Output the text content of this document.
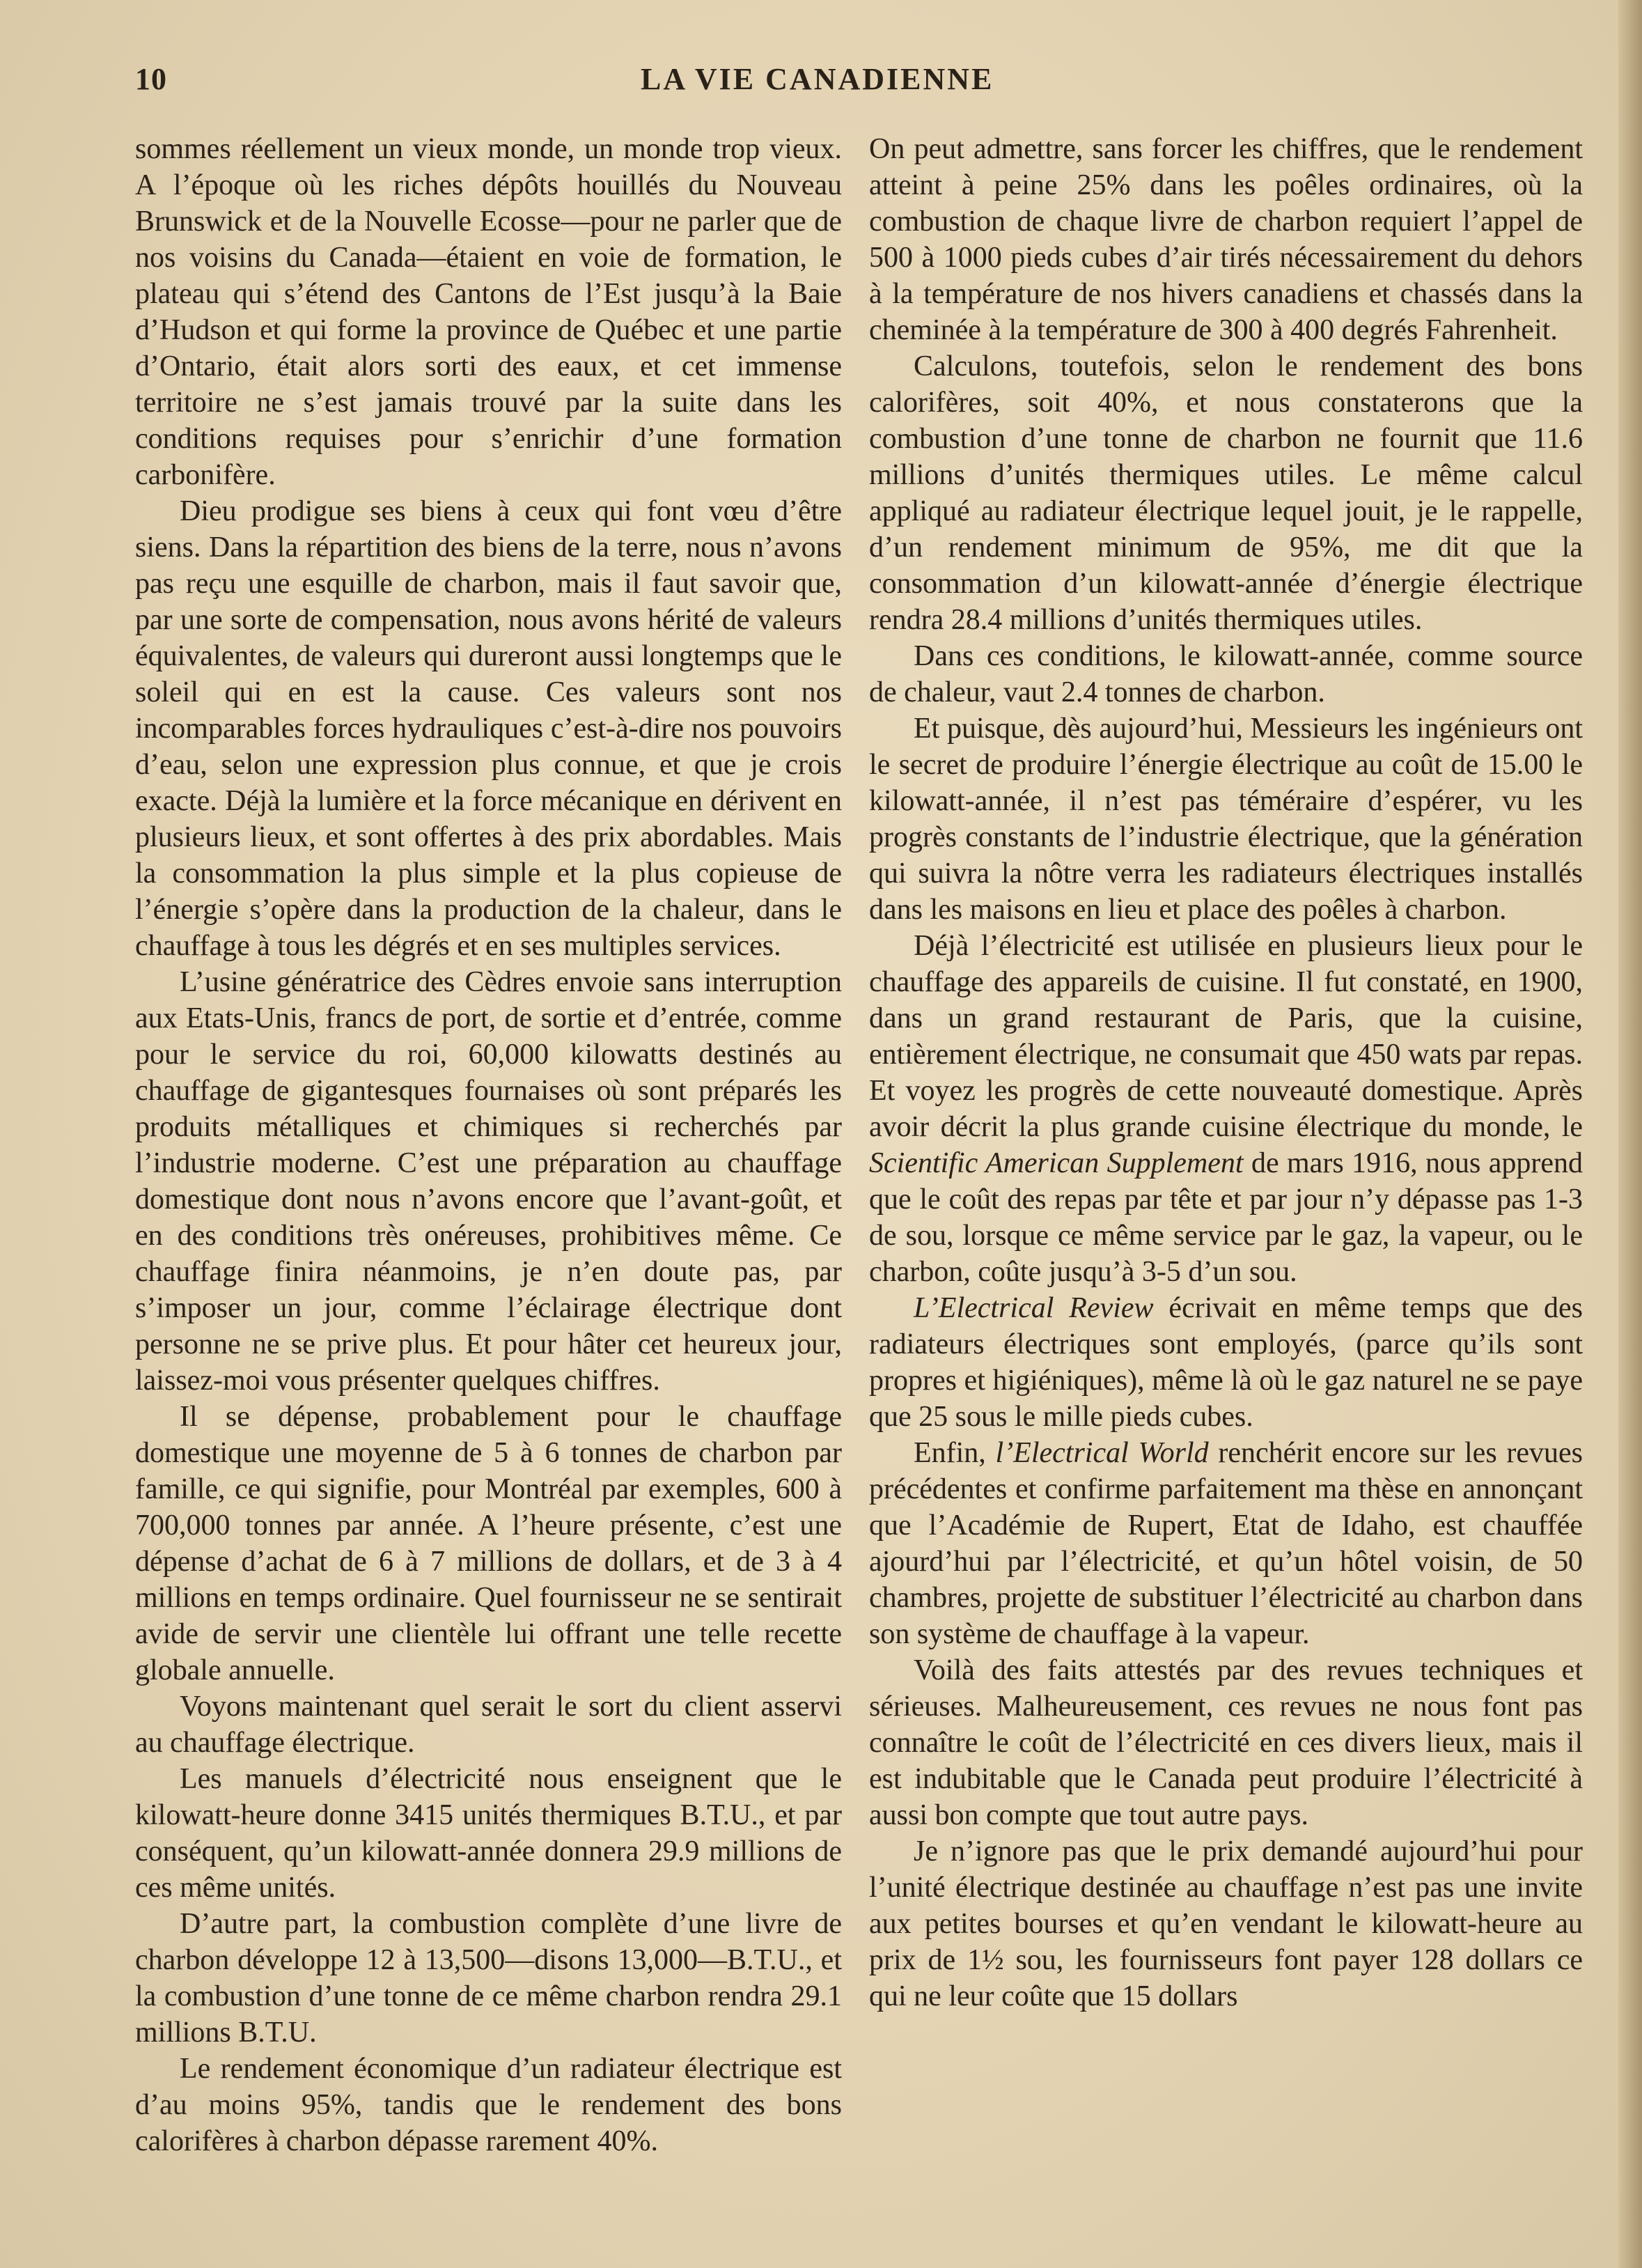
10	LA VIE CANADIENNE

sommes réellement un vieux monde, un monde trop vieux. A l’époque où les riches dépôts houillés du Nouveau Brunswick et de la Nouvelle Ecosse—pour ne parler que de nos voisins du Canada—étaient en voie de formation, le plateau qui s’étend des Cantons de l’Est jusqu’à la Baie d’Hudson et qui forme la province de Québec et une partie d’Ontario, était alors sorti des eaux, et cet immense territoire ne s’est jamais trouvé par la suite dans les conditions requises pour s’enrichir d’une formation carbonifère.

Dieu prodigue ses biens à ceux qui font vœu d’être siens. Dans la répartition des biens de la terre, nous n’avons pas reçu une esquille de charbon, mais il faut savoir que, par une sorte de compensation, nous avons hérité de valeurs équivalentes, de valeurs qui dureront aussi longtemps que le soleil qui en est la cause. Ces valeurs sont nos incomparables forces hydrauliques c’est-à-dire nos pouvoirs d’eau, selon une expression plus connue, et que je crois exacte. Déjà la lumière et la force mécanique en dérivent en plusieurs lieux, et sont offertes à des prix abordables. Mais la consommation la plus simple et la plus copieuse de l’énergie s’opère dans la production de la chaleur, dans le chauffage à tous les dégrés et en ses multiples services.

L’usine génératrice des Cèdres envoie sans interruption aux Etats-Unis, francs de port, de sortie et d’entrée, comme pour le service du roi, 60,000 kilowatts destinés au chauffage de gigantesques fournaises où sont préparés les produits métalliques et chimiques si recherchés par l’industrie moderne. C’est une préparation au chauffage domestique dont nous n’avons encore que l’avant-goût, et en des conditions très onéreuses, prohibitives même. Ce chauffage finira néanmoins, je n’en doute pas, par s’imposer un jour, comme l’éclairage électrique dont personne ne se prive plus. Et pour hâter cet heureux jour, laissez-moi vous présenter quelques chiffres.

Il se dépense, probablement pour le chauffage domestique une moyenne de 5 à 6 tonnes de charbon par famille, ce qui signifie, pour Montréal par exemples, 600 à 700,000 tonnes par année. A l’heure présente, c’est une dépense d’achat de 6 à 7 millions de dollars, et de 3 à 4 millions en temps ordinaire. Quel fournisseur ne se sentirait avide de servir une clientèle lui offrant une telle recette globale annuelle.

Voyons maintenant quel serait le sort du client asservi au chauffage électrique.

Les manuels d’électricité nous enseignent que le kilowatt-heure donne 3415 unités thermiques B.T.U., et par conséquent, qu’un kilowatt-année donnera 29.9 millions de ces même unités.

D’autre part, la combustion complète d’une livre de charbon développe 12 à 13,500—disons 13,000—B.T.U., et la combustion d’une tonne de ce même charbon rendra 29.1 millions B.T.U.

Le rendement économique d’un radiateur électrique est d’au moins 95%, tandis que le rendement des bons calorifères à charbon dépasse rarement 40%.

On peut admettre, sans forcer les chiffres, que le rendement atteint à peine 25% dans les poêles ordinaires, où la combustion de chaque livre de charbon requiert l’appel de 500 à 1000 pieds cubes d’air tirés nécessairement du dehors à la température de nos hivers canadiens et chassés dans la cheminée à la température de 300 à 400 degrés Fahrenheit.

Calculons, toutefois, selon le rendement des bons calorifères, soit 40%, et nous constaterons que la combustion d’une tonne de charbon ne fournit que 11.6 millions d’unités thermiques utiles. Le même calcul appliqué au radiateur électrique lequel jouit, je le rappelle, d’un rendement minimum de 95%, me dit que la consommation d’un kilowatt-année d’énergie électrique rendra 28.4 millions d’unités thermiques utiles.

Dans ces conditions, le kilowatt-année, comme source de chaleur, vaut 2.4 tonnes de charbon.

Et puisque, dès aujourd’hui, Messieurs les ingénieurs ont le secret de produire l’énergie électrique au coût de 15.00 le kilowatt-année, il n’est pas téméraire d’espérer, vu les progrès constants de l’industrie électrique, que la génération qui suivra la nôtre verra les radiateurs électriques installés dans les maisons en lieu et place des poêles à charbon.

Déjà l’électricité est utilisée en plusieurs lieux pour le chauffage des appareils de cuisine. Il fut constaté, en 1900, dans un grand restaurant de Paris, que la cuisine, entièrement électrique, ne consumait que 450 wats par repas. Et voyez les progrès de cette nouveauté domestique. Après avoir décrit la plus grande cuisine électrique du monde, le Scientific American Supplement de mars 1916, nous apprend que le coût des repas par tête et par jour n’y dépasse pas 1-3 de sou, lorsque ce même service par le gaz, la vapeur, ou le charbon, coûte jusqu’à 3-5 d’un sou.

L’Electrical Review écrivait en même temps que des radiateurs électriques sont employés, (parce qu’ils sont propres et higiéniques), même là où le gaz naturel ne se paye que 25 sous le mille pieds cubes.

Enfin, l’Electrical World renchérit encore sur les revues précédentes et confirme parfaitement ma thèse en annonçant que l’Académie de Rupert, Etat de Idaho, est chauffée ajourd’hui par l’électricité, et qu’un hôtel voisin, de 50 chambres, projette de substituer l’électricité au charbon dans son système de chauffage à la vapeur.

Voilà des faits attestés par des revues techniques et sérieuses. Malheureusement, ces revues ne nous font pas connaître le coût de l’électricité en ces divers lieux, mais il est indubitable que le Canada peut produire l’électricité à aussi bon compte que tout autre pays.

Je n’ignore pas que le prix demandé aujourd’hui pour l’unité électrique destinée au chauffage n’est pas une invite aux petites bourses et qu’en vendant le kilowatt-heure au prix de 1½ sou, les fournisseurs font payer 128 dollars ce qui ne leur coûte que 15 dollars
